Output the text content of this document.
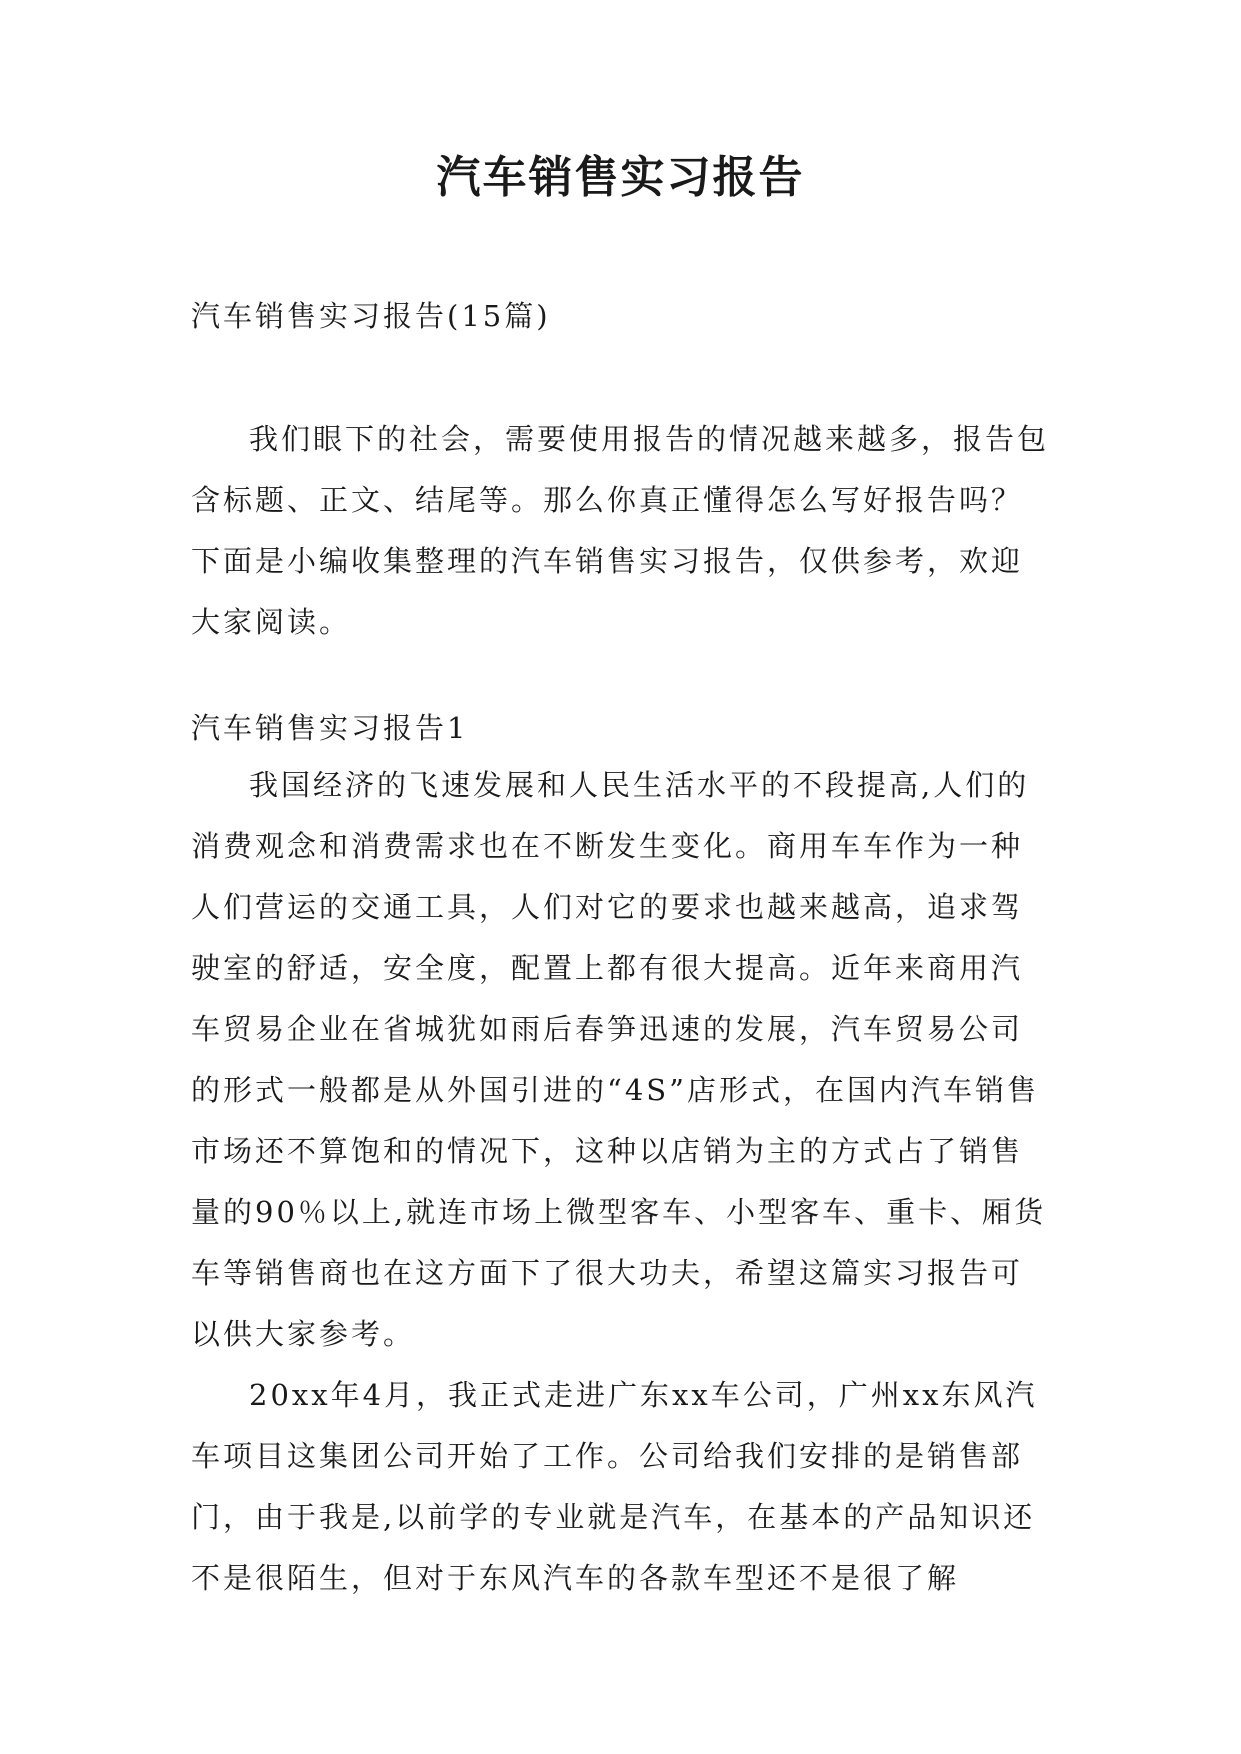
汽车销售实习报告
汽车销售实习报告(15篇)

我们眼下的社会，需要使用报告的情况越来越多，报告包含标题、正文、结尾等。那么你真正懂得怎么写好报告吗？下面是小编收集整理的汽车销售实习报告，仅供参考，欢迎大家阅读。

汽车销售实习报告1

我国经济的飞速发展和人民生活水平的不段提高,人们的消费观念和消费需求也在不断发生变化。商用车车作为一种人们营运的交通工具，人们对它的要求也越来越高，追求驾驶室的舒适，安全度，配置上都有很大提高。近年来商用汽车贸易企业在省城犹如雨后春笋迅速的发展，汽车贸易公司的形式一般都是从外国引进的“4S”店形式，在国内汽车销售市场还不算饱和的情况下，这种以店销为主的方式占了销售量的90％以上,就连市场上微型客车、小型客车、重卡、厢货车等销售商也在这方面下了很大功夫，希望这篇实习报告可以供大家参考。

20xx年4月，我正式走进广东xx车公司，广州xx东风汽车项目这集团公司开始了工作。公司给我们安排的是销售部门，由于我是,以前学的专业就是汽车，在基本的产品知识还不是很陌生，但对于东风汽车的各款车型还不是很了解
